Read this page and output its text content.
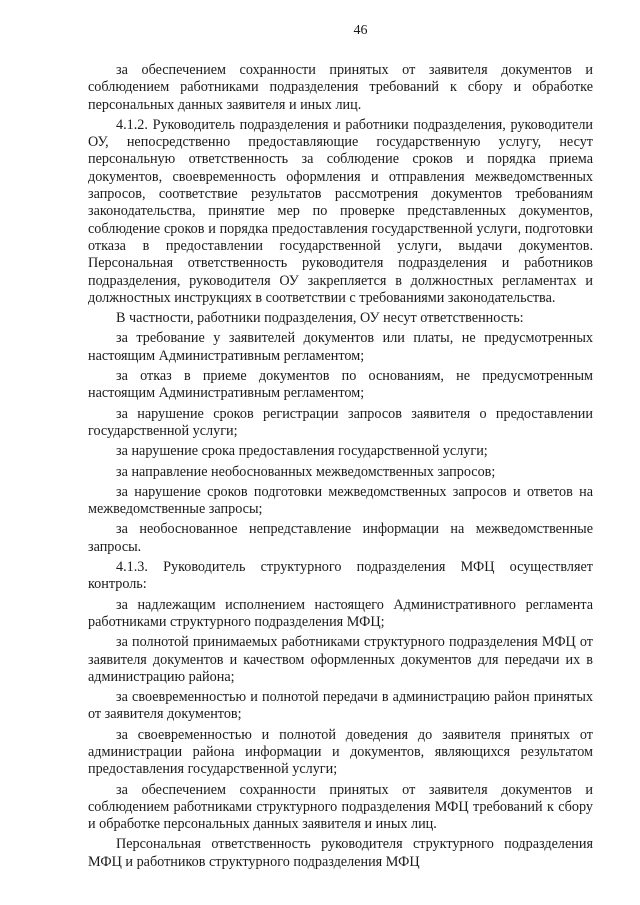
46

за обеспечением сохранности принятых от заявителя документов и соблюдением работниками подразделения требований к сбору и обработке персональных данных заявителя и иных лиц.

4.1.2. Руководитель подразделения и работники подразделения, руководители ОУ, непосредственно предоставляющие государственную услугу, несут персональную ответственность за соблюдение сроков и порядка приема документов, своевременность оформления и отправления межведомственных запросов, соответствие результатов рассмотрения документов требованиям законодательства, принятие мер по проверке представленных документов, соблюдение сроков и порядка предоставления государственной услуги, подготовки отказа в предоставлении государственной услуги, выдачи документов. Персональная ответственность руководителя подразделения и работников подразделения, руководителя ОУ закрепляется в должностных регламентах и должностных инструкциях в соответствии с требованиями законодательства.

В частности, работники подразделения, ОУ несут ответственность:

за требование у заявителей документов или платы, не предусмотренных настоящим Административным регламентом;

за отказ в приеме документов по основаниям, не предусмотренным настоящим Административным регламентом;

за нарушение сроков регистрации запросов заявителя о предоставлении государственной услуги;

за нарушение срока предоставления государственной услуги;

за направление необоснованных межведомственных запросов;

за нарушение сроков подготовки межведомственных запросов и ответов на межведомственные запросы;

за необоснованное непредставление информации на межведомственные запросы.

4.1.3. Руководитель структурного подразделения МФЦ осуществляет контроль:

за надлежащим исполнением настоящего Административного регламента работниками структурного подразделения МФЦ;

за полнотой принимаемых работниками структурного подразделения МФЦ от заявителя документов и качеством оформленных документов для передачи их в администрацию района;

за своевременностью и полнотой передачи в администрацию район принятых от заявителя документов;

за своевременностью и полнотой доведения до заявителя принятых от администрации района информации и документов, являющихся результатом предоставления государственной услуги;

за обеспечением сохранности принятых от заявителя документов и соблюдением работниками структурного подразделения МФЦ требований к сбору и обработке персональных данных заявителя и иных лиц.

Персональная ответственность руководителя структурного подразделения МФЦ и работников структурного подразделения МФЦ
